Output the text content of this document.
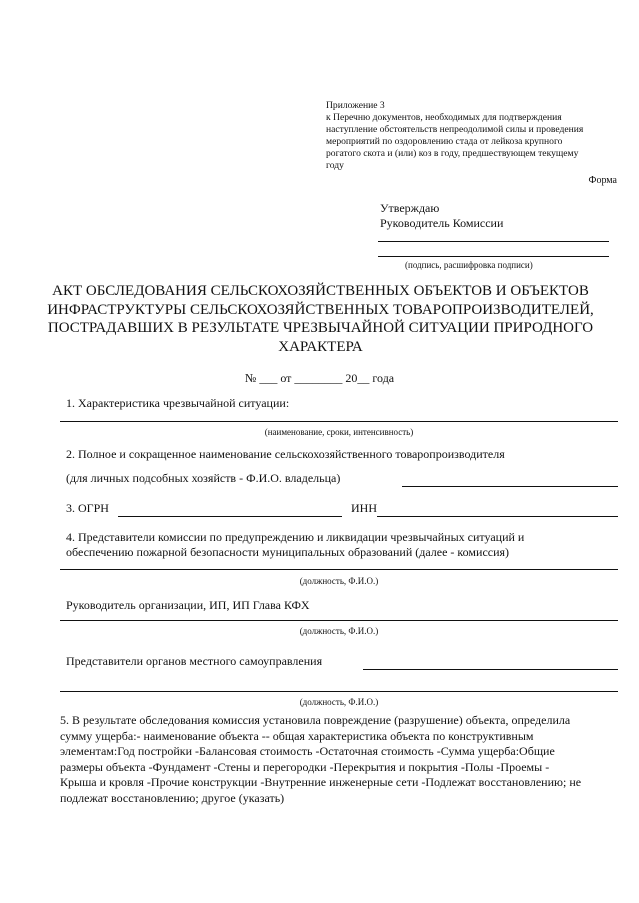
Приложение 3
к Перечню документов, необходимых для подтверждения
наступление обстоятельств непреодолимой силы и проведения
мероприятий по оздоровлению стада от лейкоза крупного
рогатого скота и (или) коз в году, предшествующем текущему
году
Форма
Утверждаю
Руководитель Комиссии
(подпись, расшифровка подписи)
АКТ ОБСЛЕДОВАНИЯ СЕЛЬСКОХОЗЯЙСТВЕННЫХ ОБЪЕКТОВ И ОБЪЕКТОВ
ИНФРАСТРУКТУРЫ СЕЛЬСКОХОЗЯЙСТВЕННЫХ ТОВАРОПРОИЗВОДИТЕЛЕЙ,
ПОСТРАДАВШИХ В РЕЗУЛЬТАТЕ ЧРЕЗВЫЧАЙНОЙ СИТУАЦИИ ПРИРОДНОГО
ХАРАКТЕРА
№ ___ от ________ 20__ года
1. Характеристика чрезвычайной ситуации:
(наименование, сроки, интенсивность)
2. Полное и сокращенное наименование сельскохозяйственного товаропроизводителя
(для личных подсобных хозяйств - Ф.И.О. владельца)
3. ОГРН	ИНН
4. Представители комиссии по предупреждению и ликвидации чрезвычайных ситуаций и
обеспечению пожарной безопасности муниципальных образований (далее - комиссия)
(должность, Ф.И.О.)
Руководитель организации, ИП, ИП Глава КФХ
(должность, Ф.И.О.)
Представители органов местного самоуправления
(должность, Ф.И.О.)
5. В результате обследования комиссия установила повреждение (разрушение) объекта, определила
сумму ущерба:- наименование объекта -- общая характеристика объекта по конструктивным
элементам:Год постройки -Балансовая стоимость -Остаточная стоимость -Сумма ущерба:Общие
размеры объекта -Фундамент -Стены и перегородки -Перекрытия и покрытия -Полы -Проемы -
Крыша и кровля -Прочие конструкции -Внутренние инженерные сети -Подлежат восстановлению; не
подлежат восстановлению; другое (указать)
